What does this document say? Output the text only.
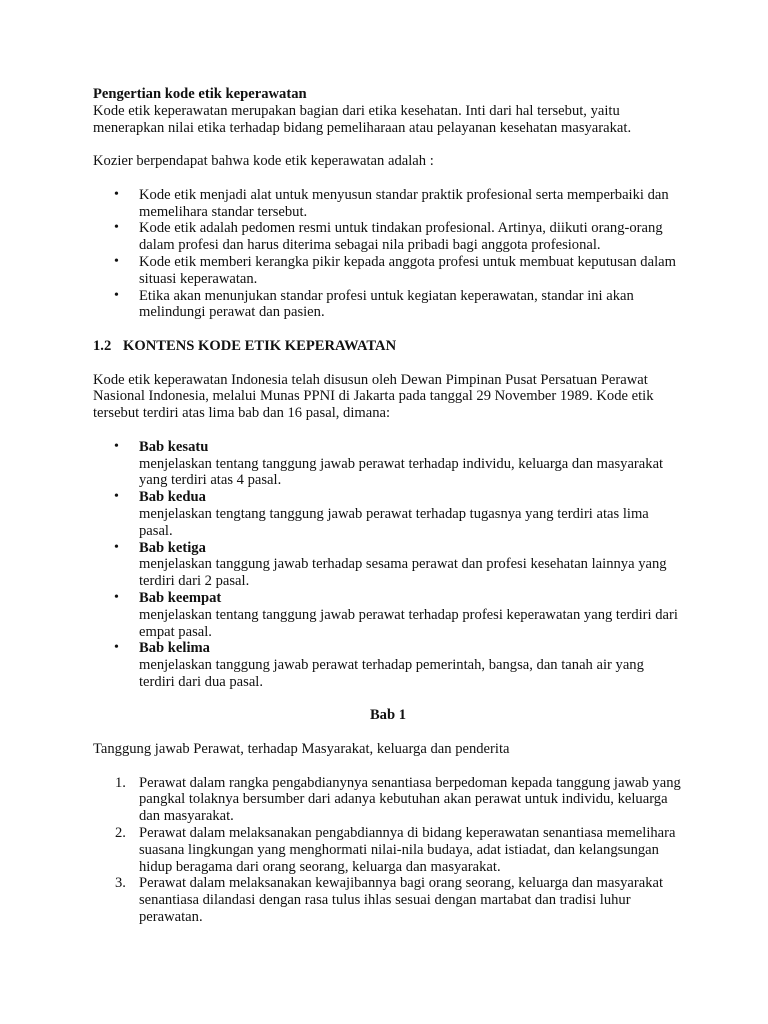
Pengertian kode etik keperawatan

Kode etik keperawatan merupakan bagian dari etika kesehatan. Inti dari hal tersebut, yaitu menerapkan nilai etika terhadap bidang pemeliharaan atau pelayanan kesehatan masyarakat.

Kozier berpendapat bahwa kode etik keperawatan adalah :

• Kode etik menjadi alat untuk menyusun standar praktik profesional serta memperbaiki dan memelihara standar tersebut.
• Kode etik adalah pedomen resmi untuk tindakan profesional. Artinya, diikuti orang-orang dalam profesi dan harus diterima sebagai nila pribadi bagi anggota profesional.
• Kode etik memberi kerangka pikir kepada anggota profesi untuk membuat keputusan dalam situasi keperawatan.
• Etika akan menunjukan standar profesi untuk kegiatan keperawatan, standar ini akan melindungi perawat dan pasien.
1.2 KONTENS KODE ETIK KEPERAWATAN

Kode etik keperawatan Indonesia telah disusun oleh Dewan Pimpinan Pusat Persatuan Perawat Nasional Indonesia, melalui Munas PPNI di Jakarta pada tanggal 29 November 1989. Kode etik tersebut terdiri atas lima bab dan 16 pasal, dimana:

• Bab kesatu
menjelaskan tentang tanggung jawab perawat terhadap individu, keluarga dan masyarakat yang terdiri atas 4 pasal.
• Bab kedua
menjelaskan tengtang tanggung jawab perawat terhadap tugasnya yang terdiri atas lima pasal.
• Bab ketiga
menjelaskan tanggung jawab terhadap sesama perawat dan profesi kesehatan lainnya yang terdiri dari 2 pasal.
• Bab keempat
menjelaskan tentang tanggung jawab perawat terhadap profesi keperawatan yang terdiri dari empat pasal.
• Bab kelima
menjelaskan tanggung jawab perawat terhadap pemerintah, bangsa, dan tanah air yang terdiri dari dua pasal.

Bab 1

Tanggung jawab Perawat, terhadap Masyarakat, keluarga dan penderita

1. Perawat dalam rangka pengabdianynya senantiasa berpedoman kepada tanggung jawab yang pangkal tolaknya bersumber dari adanya kebutuhan akan perawat untuk individu, keluarga dan masyarakat.
2. Perawat dalam melaksanakan pengabdiannya di bidang keperawatan senantiasa memelihara suasana lingkungan yang menghormati nilai-nila budaya, adat istiadat, dan kelangsungan hidup beragama dari orang seorang, keluarga dan masyarakat.
3. Perawat dalam melaksanakan kewajibannya bagi orang seorang, keluarga dan masyarakat senantiasa dilandasi dengan rasa tulus ihlas sesuai dengan martabat dan tradisi luhur perawatan.
